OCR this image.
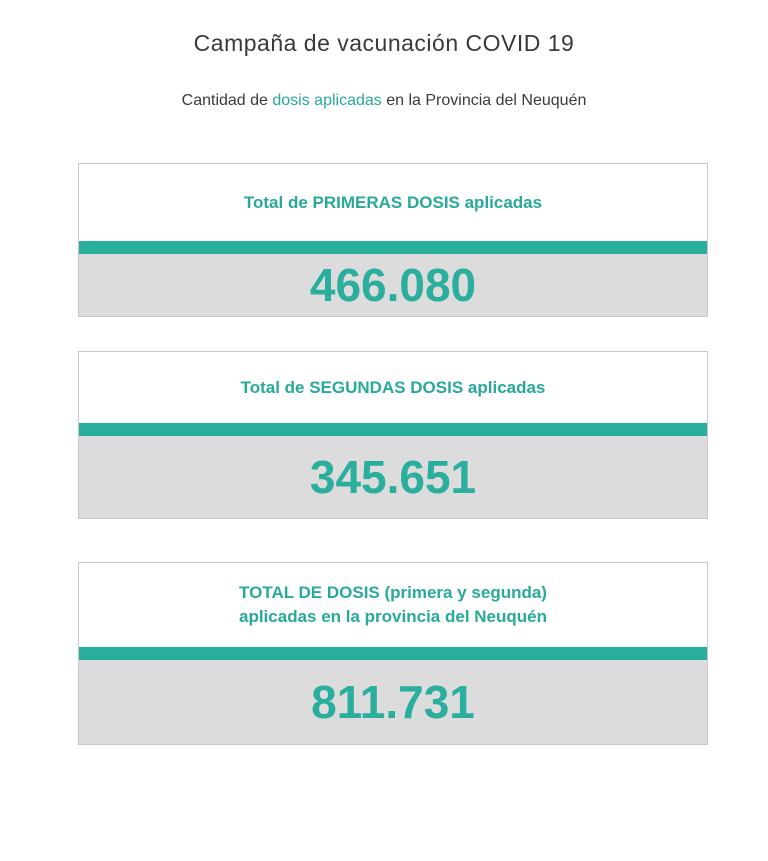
Campaña de vacunación COVID 19
Cantidad de dosis aplicadas en la Provincia del Neuquén
Total de PRIMERAS DOSIS aplicadas
466.080
Total de SEGUNDAS DOSIS aplicadas
345.651
TOTAL DE DOSIS (primera y segunda)
aplicadas en la provincia del Neuquén
811.731
